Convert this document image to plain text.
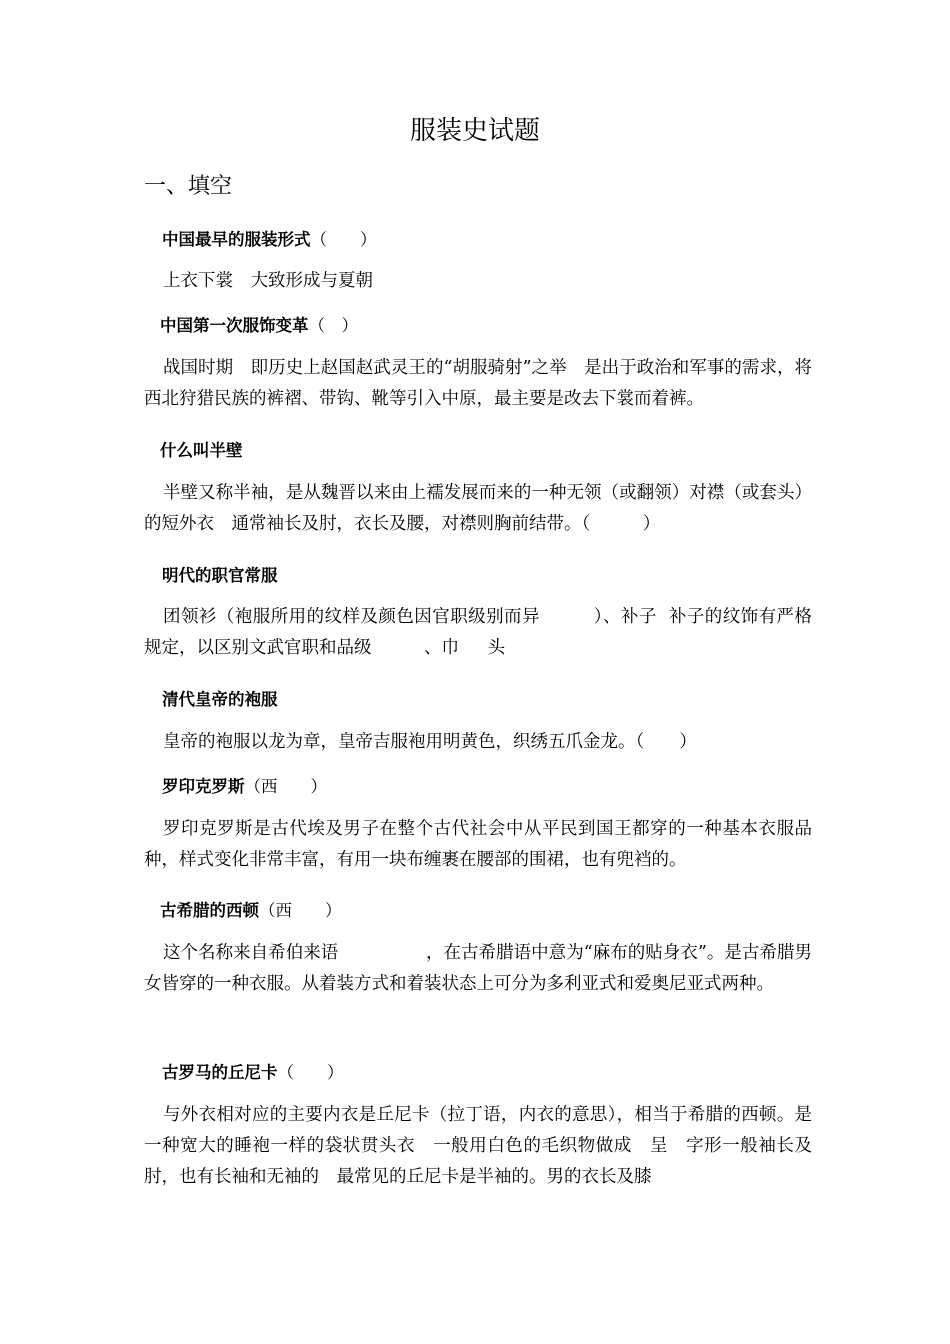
服装史试题
一、填空
中国最早的服装形式（　　）
上衣下裳　大致形成与夏朝
中国第一次服饰变革（　）
战国时期　即历史上赵国赵武灵王的“胡服骑射”之举　是出于政治和军事的需求，将西北狩猎民族的裤褶、带钩、靴等引入中原，最主要是改去下裳而着裤。
什么叫半壁
半壁又称半袖，是从魏晋以来由上襦发展而来的一种无领（或翻领）对襟（或套头）的短外衣　通常袖长及肘，衣长及腰，对襟则胸前结带。（　　　）
明代的职官常服
团领衫（袍服所用的纹样及颜色因官职级别而异　　　）、补子  补子的纹饰有严格规定，以区别文武官职和品级　　　、巾　  头
清代皇帝的袍服
皇帝的袍服以龙为章，皇帝吉服袍用明黄色，织绣五爪金龙。（　　）
罗印克罗斯（西　　）
罗印克罗斯是古代埃及男子在整个古代社会中从平民到国王都穿的一种基本衣服品种，样式变化非常丰富，有用一块布缠裹在腰部的围裙，也有兜裆的。
古希腊的西顿（西　　）
这个名称来自希伯来语　　　　　，在古希腊语中意为“麻布的贴身衣”。是古希腊男女皆穿的一种衣服。从着装方式和着装状态上可分为多利亚式和爱奥尼亚式两种。
古罗马的丘尼卡（　　）
与外衣相对应的主要内衣是丘尼卡（拉丁语，内衣的意思），相当于希腊的西顿。是一种宽大的睡袍一样的袋状贯头衣　一般用白色的毛织物做成　呈　字形一般袖长及肘，也有长袖和无袖的　最常见的丘尼卡是半袖的。男的衣长及膝
